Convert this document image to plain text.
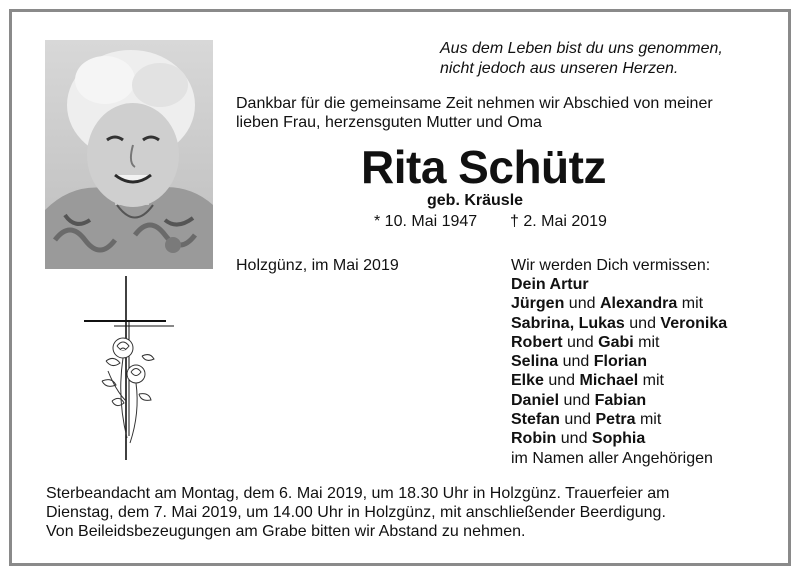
Aus dem Leben bist du uns genommen,
nicht jedoch aus unseren Herzen.
Dankbar für die gemeinsame Zeit nehmen wir Abschied von meiner
lieben Frau, herzensguten Mutter und Oma
Rita Schütz
geb. Kräusle
* 10. Mai 1947 † 2. Mai 2019
Holzgünz, im Mai 2019	Wir werden Dich vermissen:
Dein Artur
Jürgen und Alexandra mit
Sabrina, Lukas und Veronika
Robert und Gabi mit
Selina und Florian
Elke und Michael mit
Daniel und Fabian
Stefan und Petra mit
Robin und Sophia
im Namen aller Angehörigen
Sterbeandacht am Montag, dem 6. Mai 2019, um 18.30 Uhr in Holzgünz. Trauerfeier am
Dienstag, dem 7. Mai 2019, um 14.00 Uhr in Holzgünz, mit anschließender Beerdigung.
Von Beileidsbezeugungen am Grabe bitten wir Abstand zu nehmen.
